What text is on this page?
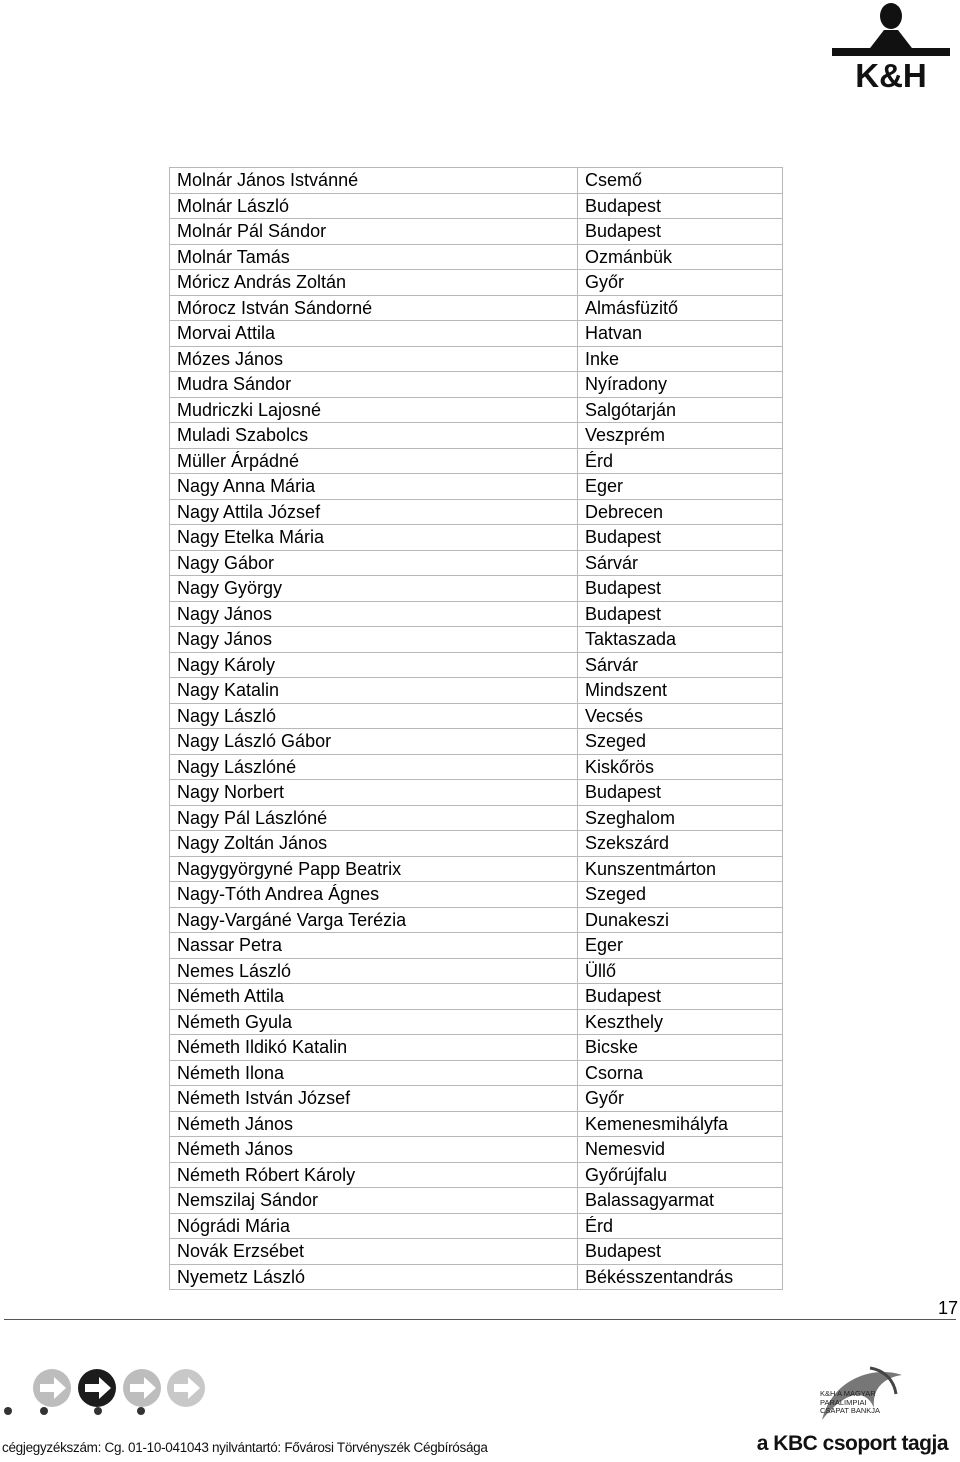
K&H
Molnár János Istvánné	Csemő
Molnár László	Budapest
Molnár Pál Sándor	Budapest
Molnár Tamás	Ozmánbük
Móricz András Zoltán	Győr
Mórocz István Sándorné	Almásfüzitő
Morvai Attila	Hatvan
Mózes János	Inke
Mudra Sándor	Nyíradony
Mudriczki Lajosné	Salgótarján
Muladi Szabolcs	Veszprém
Müller Árpádné	Érd
Nagy Anna Mária	Eger
Nagy Attila József	Debrecen
Nagy Etelka Mária	Budapest
Nagy Gábor	Sárvár
Nagy György	Budapest
Nagy János	Budapest
Nagy János	Taktaszada
Nagy Károly	Sárvár
Nagy Katalin	Mindszent
Nagy László	Vecsés
Nagy László Gábor	Szeged
Nagy Lászlóné	Kiskőrös
Nagy Norbert	Budapest
Nagy Pál Lászlóné	Szeghalom
Nagy Zoltán János	Szekszárd
Nagygyörgyné Papp Beatrix	Kunszentmárton
Nagy-Tóth Andrea Ágnes	Szeged
Nagy-Vargáné Varga Terézia	Dunakeszi
Nassar Petra	Eger
Nemes László	Üllő
Németh Attila	Budapest
Németh Gyula	Keszthely
Németh Ildikó Katalin	Bicske
Németh Ilona	Csorna
Németh István József	Győr
Németh János	Kemenesmihályfa
Németh János	Nemesvid
Németh Róbert Károly	Győrújfalu
Nemszilaj Sándor	Balassagyarmat
Nógrádi Mária	Érd
Novák Erzsébet	Budapest
Nyemetz László	Békésszentandrás
17
cégjegyzékszám: Cg. 01-10-041043 nyilvántartó: Fővárosi Törvényszék Cégbírósága
K&H A MAGYAR PARALIMPIAI CSAPAT BANKJA
a KBC csoport tagja
